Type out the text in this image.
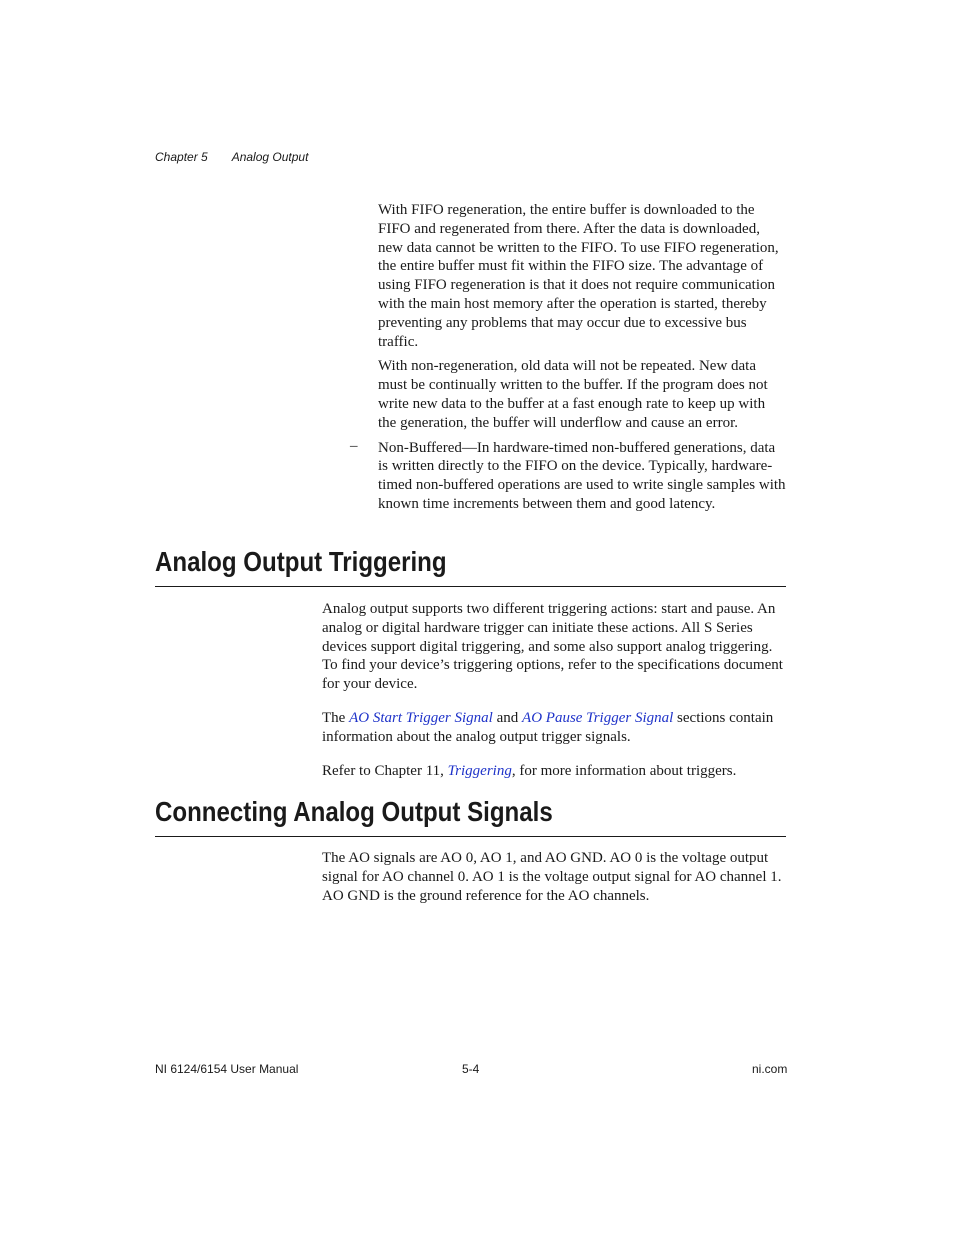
Chapter 5 Analog Output

With FIFO regeneration, the entire buffer is downloaded to the FIFO and regenerated from there. After the data is downloaded, new data cannot be written to the FIFO. To use FIFO regeneration, the entire buffer must fit within the FIFO size. The advantage of using FIFO regeneration is that it does not require communication with the main host memory after the operation is started, thereby preventing any problems that may occur due to excessive bus traffic.

With non-regeneration, old data will not be repeated. New data must be continually written to the buffer. If the program does not write new data to the buffer at a fast enough rate to keep up with the generation, the buffer will underflow and cause an error.

Non-Buffered—In hardware-timed non-buffered generations, data is written directly to the FIFO on the device. Typically, hardware-timed non-buffered operations are used to write single samples with known time increments between them and good latency.

–
Analog Output Triggering

Analog output supports two different triggering actions: start and pause. An analog or digital hardware trigger can initiate these actions. All S Series devices support digital triggering, and some also support analog triggering. To find your device’s triggering options, refer to the specifications document for your device.

The AO Start Trigger Signal and AO Pause Trigger Signal sections contain information about the analog output trigger signals.

Refer to Chapter 11, Triggering, for more information about triggers.

Connecting Analog Output Signals

The AO signals are AO 0, AO 1, and AO GND. AO 0 is the voltage output signal for AO channel 0. AO 1 is the voltage output signal for AO channel 1. AO GND is the ground reference for the AO channels.

NI 6124/6154 User Manual	5-4	ni.com
